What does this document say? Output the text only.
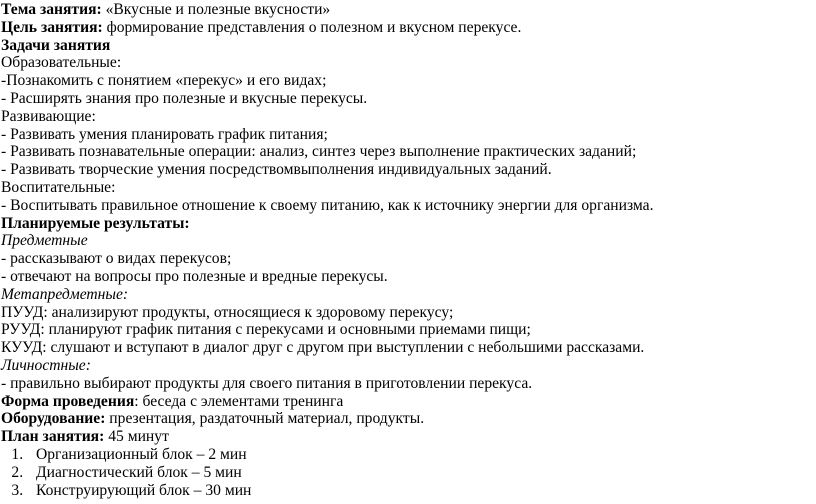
Тема занятия: «Вкусные и полезные вкусности»
Цель занятия: формирование представления о полезном и вкусном перекусе.
Задачи занятия
Образовательные:
-Познакомить с понятием «перекус» и его видах;
- Расширять знания про полезные и вкусные перекусы.
Развивающие:
- Развивать умения планировать график питания;
- Развивать познавательные операции: анализ, синтез через выполнение практических заданий;
- Развивать творческие умения посредствомвыполнения индивидуальных заданий.
Воспитательные:
- Воспитывать правильное отношение к своему питанию, как к источнику энергии для организма.
Планируемые результаты:
Предметные
- рассказывают о видах перекусов;
- отвечают на вопросы про полезные и вредные перекусы.
Метапредметные:
ПУУД: анализируют продукты, относящиеся к здоровому перекусу;
РУУД: планируют график питания с перекусами и основными приемами пищи;
КУУД: слушают и вступают в диалог друг с другом при выступлении с небольшими рассказами.
Личностные:
- правильно выбирают продукты для своего питания в приготовлении перекуса.
Форма проведения: беседа с элементами тренинга
Оборудование: презентация, раздаточный материал, продукты.
План занятия: 45 минут
1. Организационный блок – 2 мин
2. Диагностический блок – 5 мин
3. Конструирующий блок – 30 мин
